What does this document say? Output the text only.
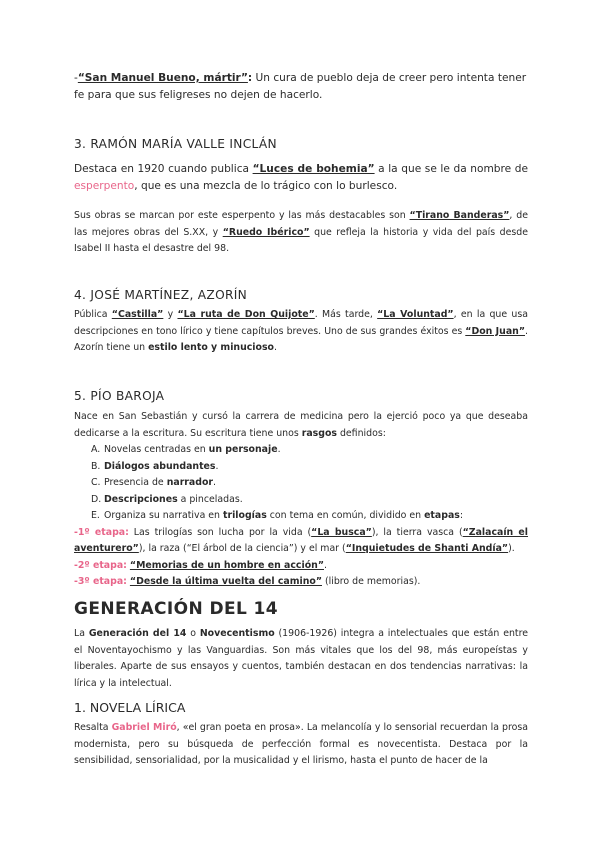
-“San Manuel Bueno, mártir”: Un cura de pueblo deja de creer pero intenta tener fe para que sus feligreses no dejen de hacerlo.

3. RAMÓN MARÍA VALLE INCLÁN

Destaca en 1920 cuando publica “Luces de bohemia” a la que se le da nombre de esperpento, que es una mezcla de lo trágico con lo burlesco.

Sus obras se marcan por este esperpento y las más destacables son “Tirano Banderas”, de las mejores obras del S.XX, y “Ruedo Ibérico” que refleja la historia y vida del país desde Isabel II hasta el desastre del 98.

4. JOSÉ MARTÍNEZ, AZORÍN

Pública “Castilla” y “La ruta de Don Quijote”. Más tarde, “La Voluntad”, en la que usa descripciones en tono lírico y tiene capítulos breves. Uno de sus grandes éxitos es “Don Juan”. Azorín tiene un estilo lento y minucioso.

5. PÍO BAROJA

Nace en San Sebastián y cursó la carrera de medicina pero la ejerció poco ya que deseaba dedicarse a la escritura. Su escritura tiene unos rasgos definidos:

A. Novelas centradas en un personaje.
B. Diálogos abundantes.
C. Presencia de narrador.
D. Descripciones a pinceladas.
E. Organiza su narrativa en trilogías con tema en común, dividido en etapas:

-1º etapa: Las trilogías son lucha por la vida (“La busca”), la tierra vasca (“Zalacaín el aventurero”), la raza (“El árbol de la ciencia”) y el mar (“Inquietudes de Shanti Andía”).

-2º etapa: “Memorias de un hombre en acción”.

-3º etapa: “Desde la última vuelta del camino” (libro de memorias).

GENERACIÓN DEL 14

La Generación del 14 o Novecentismo (1906-1926) integra a intelectuales que están entre el Noventayochismo y las Vanguardias. Son más vitales que los del 98, más europeístas y liberales. Aparte de sus ensayos y cuentos, también destacan en dos tendencias narrativas: la lírica y la intelectual.

1. NOVELA LÍRICA

Resalta Gabriel Miró, «el gran poeta en prosa». La melancolía y lo sensorial recuerdan la prosa modernista, pero su búsqueda de perfección formal es novecentista. Destaca por la sensibilidad, sensorialidad, por la musicalidad y el lirismo, hasta el punto de hacer de la
